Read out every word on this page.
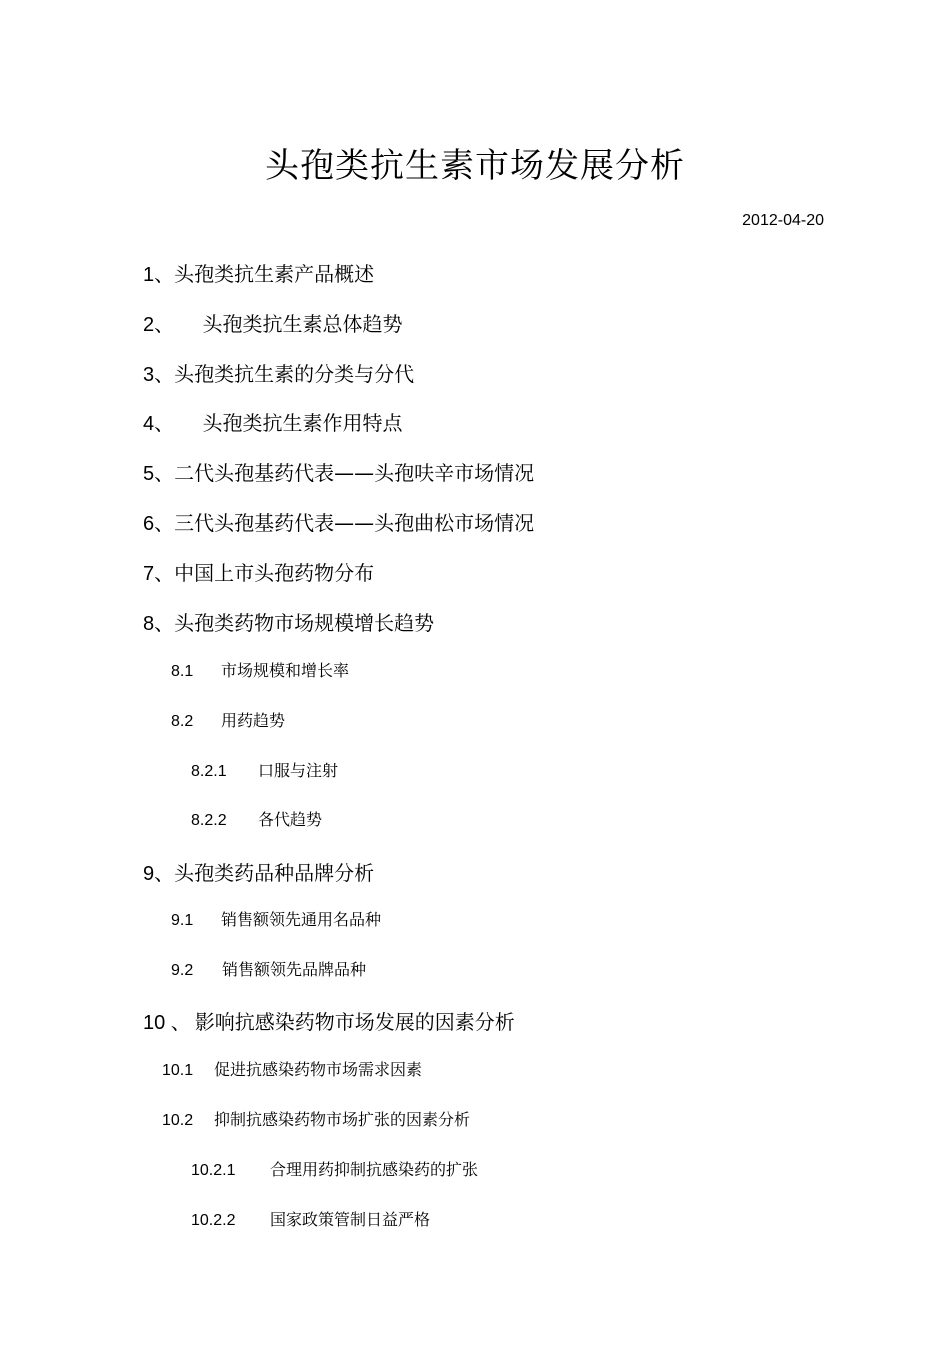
头孢类抗生素市场发展分析
2012-04-20
1、头孢类抗生素产品概述
2、 头孢类抗生素总体趋势
3、头孢类抗生素的分类与分代
4、 头孢类抗生素作用特点
5、二代头孢基药代表——头孢呋辛市场情况
6、三代头孢基药代表——头孢曲松市场情况
7、中国上市头孢药物分布
8、头孢类药物市场规模增长趋势
8.1 市场规模和增长率
8.2 用药趋势
8.2.1 口服与注射
8.2.2 各代趋势
9、头孢类药品种品牌分析
9.1 销售额领先通用名品种
9.2 销售额领先品牌品种
10 、 影响抗感染药物市场发展的因素分析
10.1 促进抗感染药物市场需求因素
10.2 抑制抗感染药物市场扩张的因素分析
10.2.1 合理用药抑制抗感染药的扩张
10.2.2 国家政策管制日益严格
